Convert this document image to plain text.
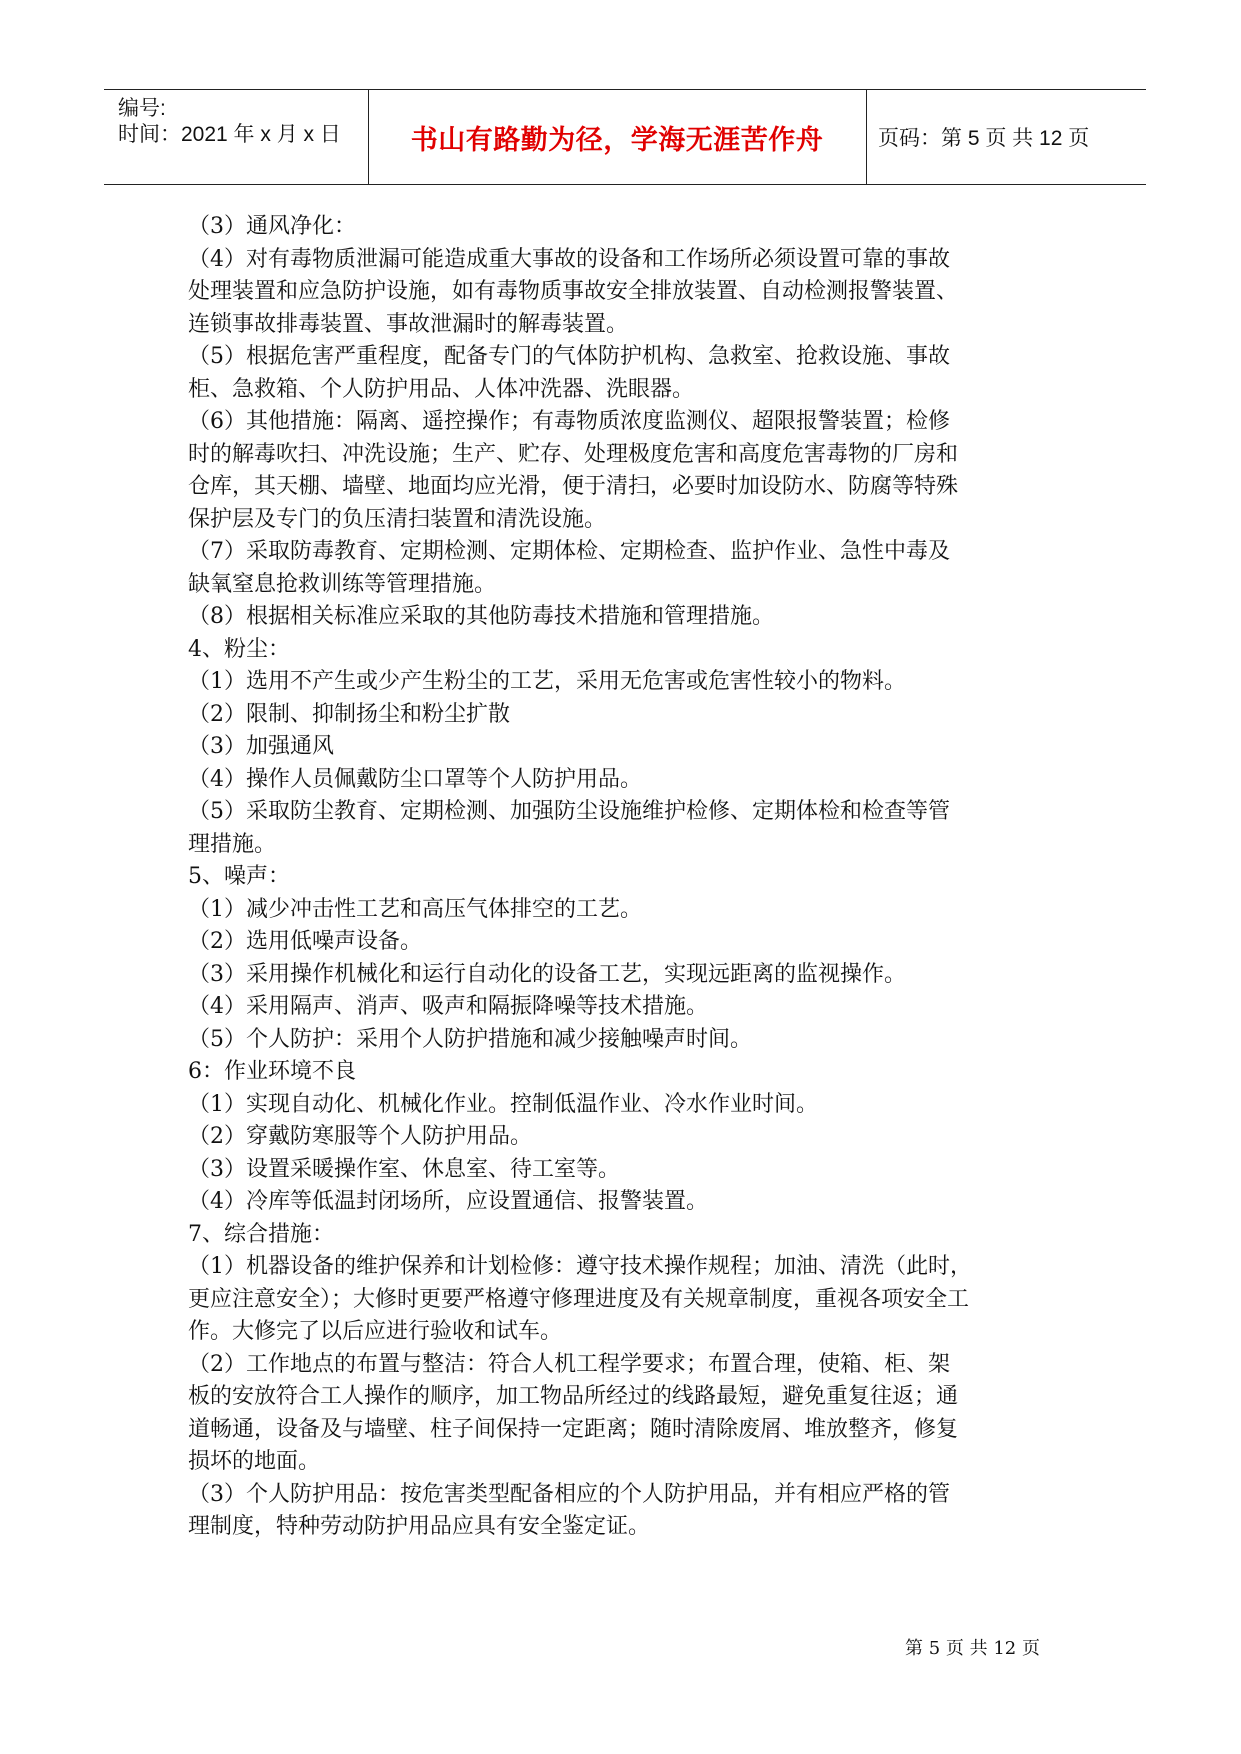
编号:
时间：2021 年 x 月 x 日	书山有路勤为径，学海无涯苦作舟	页码：第 5 页 共 12 页
（3）通风净化：
（4）对有毒物质泄漏可能造成重大事故的设备和工作场所必须设置可靠的事故
处理装置和应急防护设施，如有毒物质事故安全排放装置、自动检测报警装置、
连锁事故排毒装置、事故泄漏时的解毒装置。
（5）根据危害严重程度，配备专门的气体防护机构、急救室、抢救设施、事故
柜、急救箱、个人防护用品、人体冲洗器、洗眼器。
（6）其他措施：隔离、遥控操作；有毒物质浓度监测仪、超限报警装置；检修
时的解毒吹扫、冲洗设施；生产、贮存、处理极度危害和高度危害毒物的厂房和
仓库，其天棚、墙壁、地面均应光滑，便于清扫，必要时加设防水、防腐等特殊
保护层及专门的负压清扫装置和清洗设施。
（7）采取防毒教育、定期检测、定期体检、定期检查、监护作业、急性中毒及
缺氧窒息抢救训练等管理措施。
（8）根据相关标准应采取的其他防毒技术措施和管理措施。
4、粉尘：
（1）选用不产生或少产生粉尘的工艺，采用无危害或危害性较小的物料。
（2）限制、抑制扬尘和粉尘扩散
（3）加强通风
（4）操作人员佩戴防尘口罩等个人防护用品。
（5）采取防尘教育、定期检测、加强防尘设施维护检修、定期体检和检查等管
理措施。
5、噪声：
（1）减少冲击性工艺和高压气体排空的工艺。
（2）选用低噪声设备。
（3）采用操作机械化和运行自动化的设备工艺，实现远距离的监视操作。
（4）采用隔声、消声、吸声和隔振降噪等技术措施。
（5）个人防护：采用个人防护措施和减少接触噪声时间。
6：作业环境不良
（1）实现自动化、机械化作业。控制低温作业、冷水作业时间。
（2）穿戴防寒服等个人防护用品。
（3）设置采暖操作室、休息室、待工室等。
（4）冷库等低温封闭场所，应设置通信、报警装置。
7、综合措施：
（1）机器设备的维护保养和计划检修：遵守技术操作规程；加油、清洗（此时，
更应注意安全）；大修时更要严格遵守修理进度及有关规章制度，重视各项安全工
作。大修完了以后应进行验收和试车。
（2）工作地点的布置与整洁：符合人机工程学要求；布置合理，使箱、柜、架
板的安放符合工人操作的顺序，加工物品所经过的线路最短，避免重复往返；通
道畅通，设备及与墙壁、柱子间保持一定距离；随时清除废屑、堆放整齐，修复
损坏的地面。
（3）个人防护用品：按危害类型配备相应的个人防护用品，并有相应严格的管
理制度，特种劳动防护用品应具有安全鉴定证。
第 5 页 共 12 页
